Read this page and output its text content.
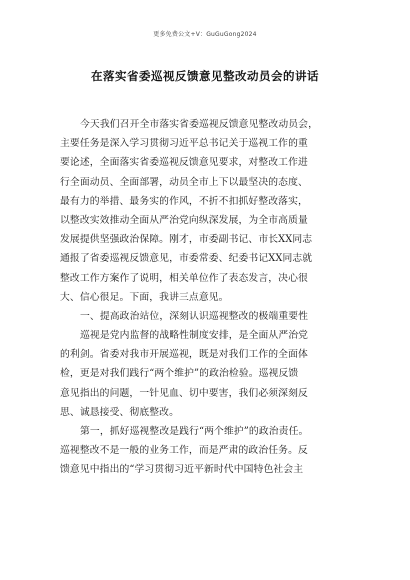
更多免费公文+V：GuGuGong2024
在落实省委巡视反馈意见整改动员会的讲话
今天我们召开全市落实省委巡视反馈意见整改动员会，
主要任务是深入学习贯彻习近平总书记关于巡视工作的重
要论述，全面落实省委巡视反馈意见要求，对整改工作进
行全面动员、全面部署，动员全市上下以最坚决的态度、
最有力的举措、最务实的作风，不折不扣抓好整改落实，
以整改实效推动全面从严治党向纵深发展，为全市高质量
发展提供坚强政治保障。刚才，市委副书记、市长XX同志
通报了省委巡视反馈意见，市委常委、纪委书记XX同志就
整改工作方案作了说明，相关单位作了表态发言，决心很
大、信心很足。下面，我讲三点意见。
一、提高政治站位，深刻认识巡视整改的极端重要性
巡视是党内监督的战略性制度安排，是全面从严治党
的利剑。省委对我市开展巡视，既是对我们工作的全面体
检，更是对我们践行“两个维护”的政治检验。巡视反馈
意见指出的问题，一针见血、切中要害，我们必须深刻反
思、诚恳接受、彻底整改。
第一，抓好巡视整改是践行“两个维护”的政治责任。
巡视整改不是一般的业务工作，而是严肃的政治任务。反
馈意见中指出的“学习贯彻习近平新时代中国特色社会主
